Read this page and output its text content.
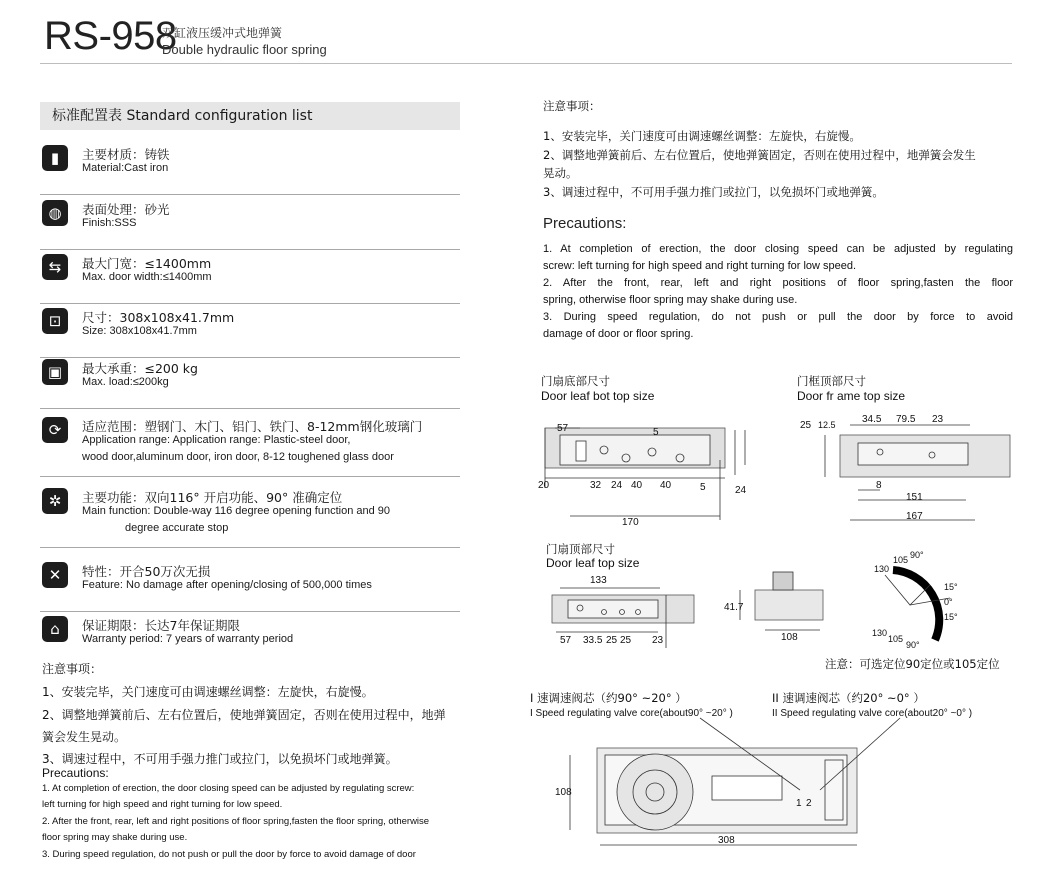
RS-958
双缸液压缓冲式地弹簧
Double hydraulic floor spring
标准配置表 Standard configuration list
▮	主要材质：铸铁
Material:Cast iron
◍	表面处理：砂光
Finish:SSS
⇆	最大门宽：≤1400mm
Max. door width:≤1400mm
⊡	尺寸：308x108x41.7mm
Size: 308x108x41.7mm
▣	最大承重：≤200 kg
Max. load:≤200kg
⟳	适应范围：塑钢门、木门、铝门、铁门、8-12mm钢化玻璃门
Application range: Application range: Plastic-steel door,
wood door,aluminum door, iron door, 8-12 toughened glass door
✲	主要功能：双向116° 开启功能、90° 准确定位
Main function: Double-way 116 degree opening function and 90
degree accurate stop
✕	特性：开合50万次无损
Feature: No damage after opening/closing of 500,000 times
⌂	保证期限：长达7年保证期限
Warranty period: 7 years of warranty period
注意事项：
1、安装完毕，关门速度可由调速螺丝调整：左旋快，右旋慢。
2、调整地弹簧前后、左右位置后，使地弹簧固定，否则在使用过程中，地弹
簧会发生晃动。
3、调速过程中，不可用手强力推门或拉门，以免损坏门或地弹簧。
Precautions:
1. At completion of erection, the door closing speed can be adjusted by regulating screw:
left turning for high speed and right turning for low speed.
2. After the front, rear, left and right positions of floor spring,fasten the floor spring, otherwise
floor spring may shake during use.
3. During speed regulation, do not push or pull the door by force to avoid damage of door
注意事项：
1、安装完毕，关门速度可由调速螺丝调整：左旋快，右旋慢。
2、调整地弹簧前后、左右位置后，使地弹簧固定，否则在使用过程中，地弹簧会发生
晃动。
3、调速过程中，不可用手强力推门或拉门，以免损坏门或地弹簧。
Precautions:
1. At completion of erection, the door closing speed can be adjusted by regulating
screw: left turning for high speed and right turning for low speed.
2. After the front, rear, left and right positions of floor spring,fasten the floor
spring, otherwise floor spring may shake during use.
3. During speed regulation, do not push or pull the door by force to avoid
damage of door or floor spring.
门扇底部尺寸
Door leaf bot top size
门框顶部尺寸
Door fr ame top size
门扇顶部尺寸
Door leaf top size
注意：可选定位90定位或105定位
I 速调速阀芯（约90° ~20° ）
I Speed regulating valve core(about90° ~20° )
II 速调速阀芯（约20° ~0° ）
II Speed regulating valve core(about20° ~0° )
57	5
20	32 24 40 40	5	24
170
25 12.5	34.5 79.5 23
8
151
167
133
57 33.5 25 25 23
41.7
108
130
105 90°
15°
0°
15°
90°
105
130
108
308
1 2
